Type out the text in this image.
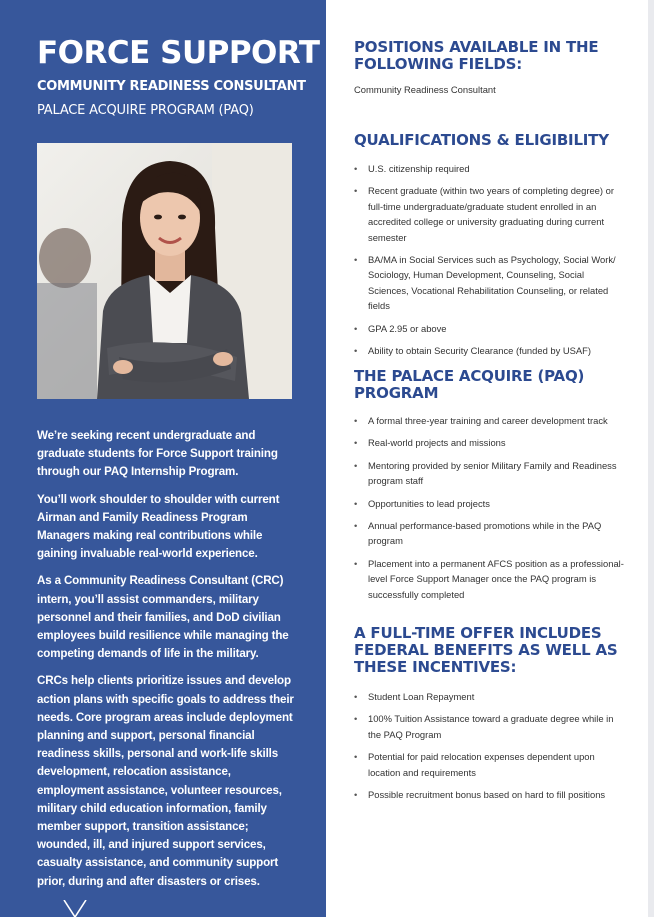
FORCE SUPPORT
COMMUNITY READINESS CONSULTANT
PALACE ACQUIRE PROGRAM (PAQ)

We’re seeking recent undergraduate and graduate students for Force Support training through our PAQ Internship Program.

You’ll work shoulder to shoulder with current Airman and Family Readiness Program Managers making real contributions while gaining invaluable real-world experience.

As a Community Readiness Consultant (CRC) intern, you’ll assist commanders, military personnel and their families, and DoD civilian employees build resilience while managing the competing demands of life in the military.

CRCs help clients prioritize issues and develop action plans with specific goals to address their needs. Core program areas include deployment planning and support, personal financial readiness skills, personal and work-life skills development, relocation assistance, employment assistance, volunteer resources, military child education information, family member support, transition assistance; wounded, ill, and injured support services, casualty assistance, and community support prior, during and after disasters or crises.

POSITIONS AVAILABLE IN THE FOLLOWING FIELDS:
Community Readiness Consultant
QUALIFICATIONS & ELIGIBILITY
• U.S. citizenship required
• Recent graduate (within two years of completing degree) or full-time undergraduate/graduate student enrolled in an accredited college or university graduating during current semester
• BA/MA in Social Services such as Psychology, Social Work/ Sociology, Human Development, Counseling, Social Sciences, Vocational Rehabilitation Counseling, or related fields
• GPA 2.95 or above
• Ability to obtain Security Clearance (funded by USAF)
THE PALACE ACQUIRE (PAQ) PROGRAM
• A formal three-year training and career development track
• Real-world projects and missions
• Mentoring provided by senior Military Family and Readiness program staff
• Opportunities to lead projects
• Annual performance-based promotions while in the PAQ program
• Placement into a permanent AFCS position as a professional-level Force Support Manager once the PAQ program is successfully completed
A FULL-TIME OFFER INCLUDES FEDERAL BENEFITS AS WELL AS THESE INCENTIVES:
• Student Loan Repayment
• 100% Tuition Assistance toward a graduate degree while in the PAQ Program
• Potential for paid relocation expenses dependent upon location and requirements
• Possible recruitment bonus based on hard to fill positions
